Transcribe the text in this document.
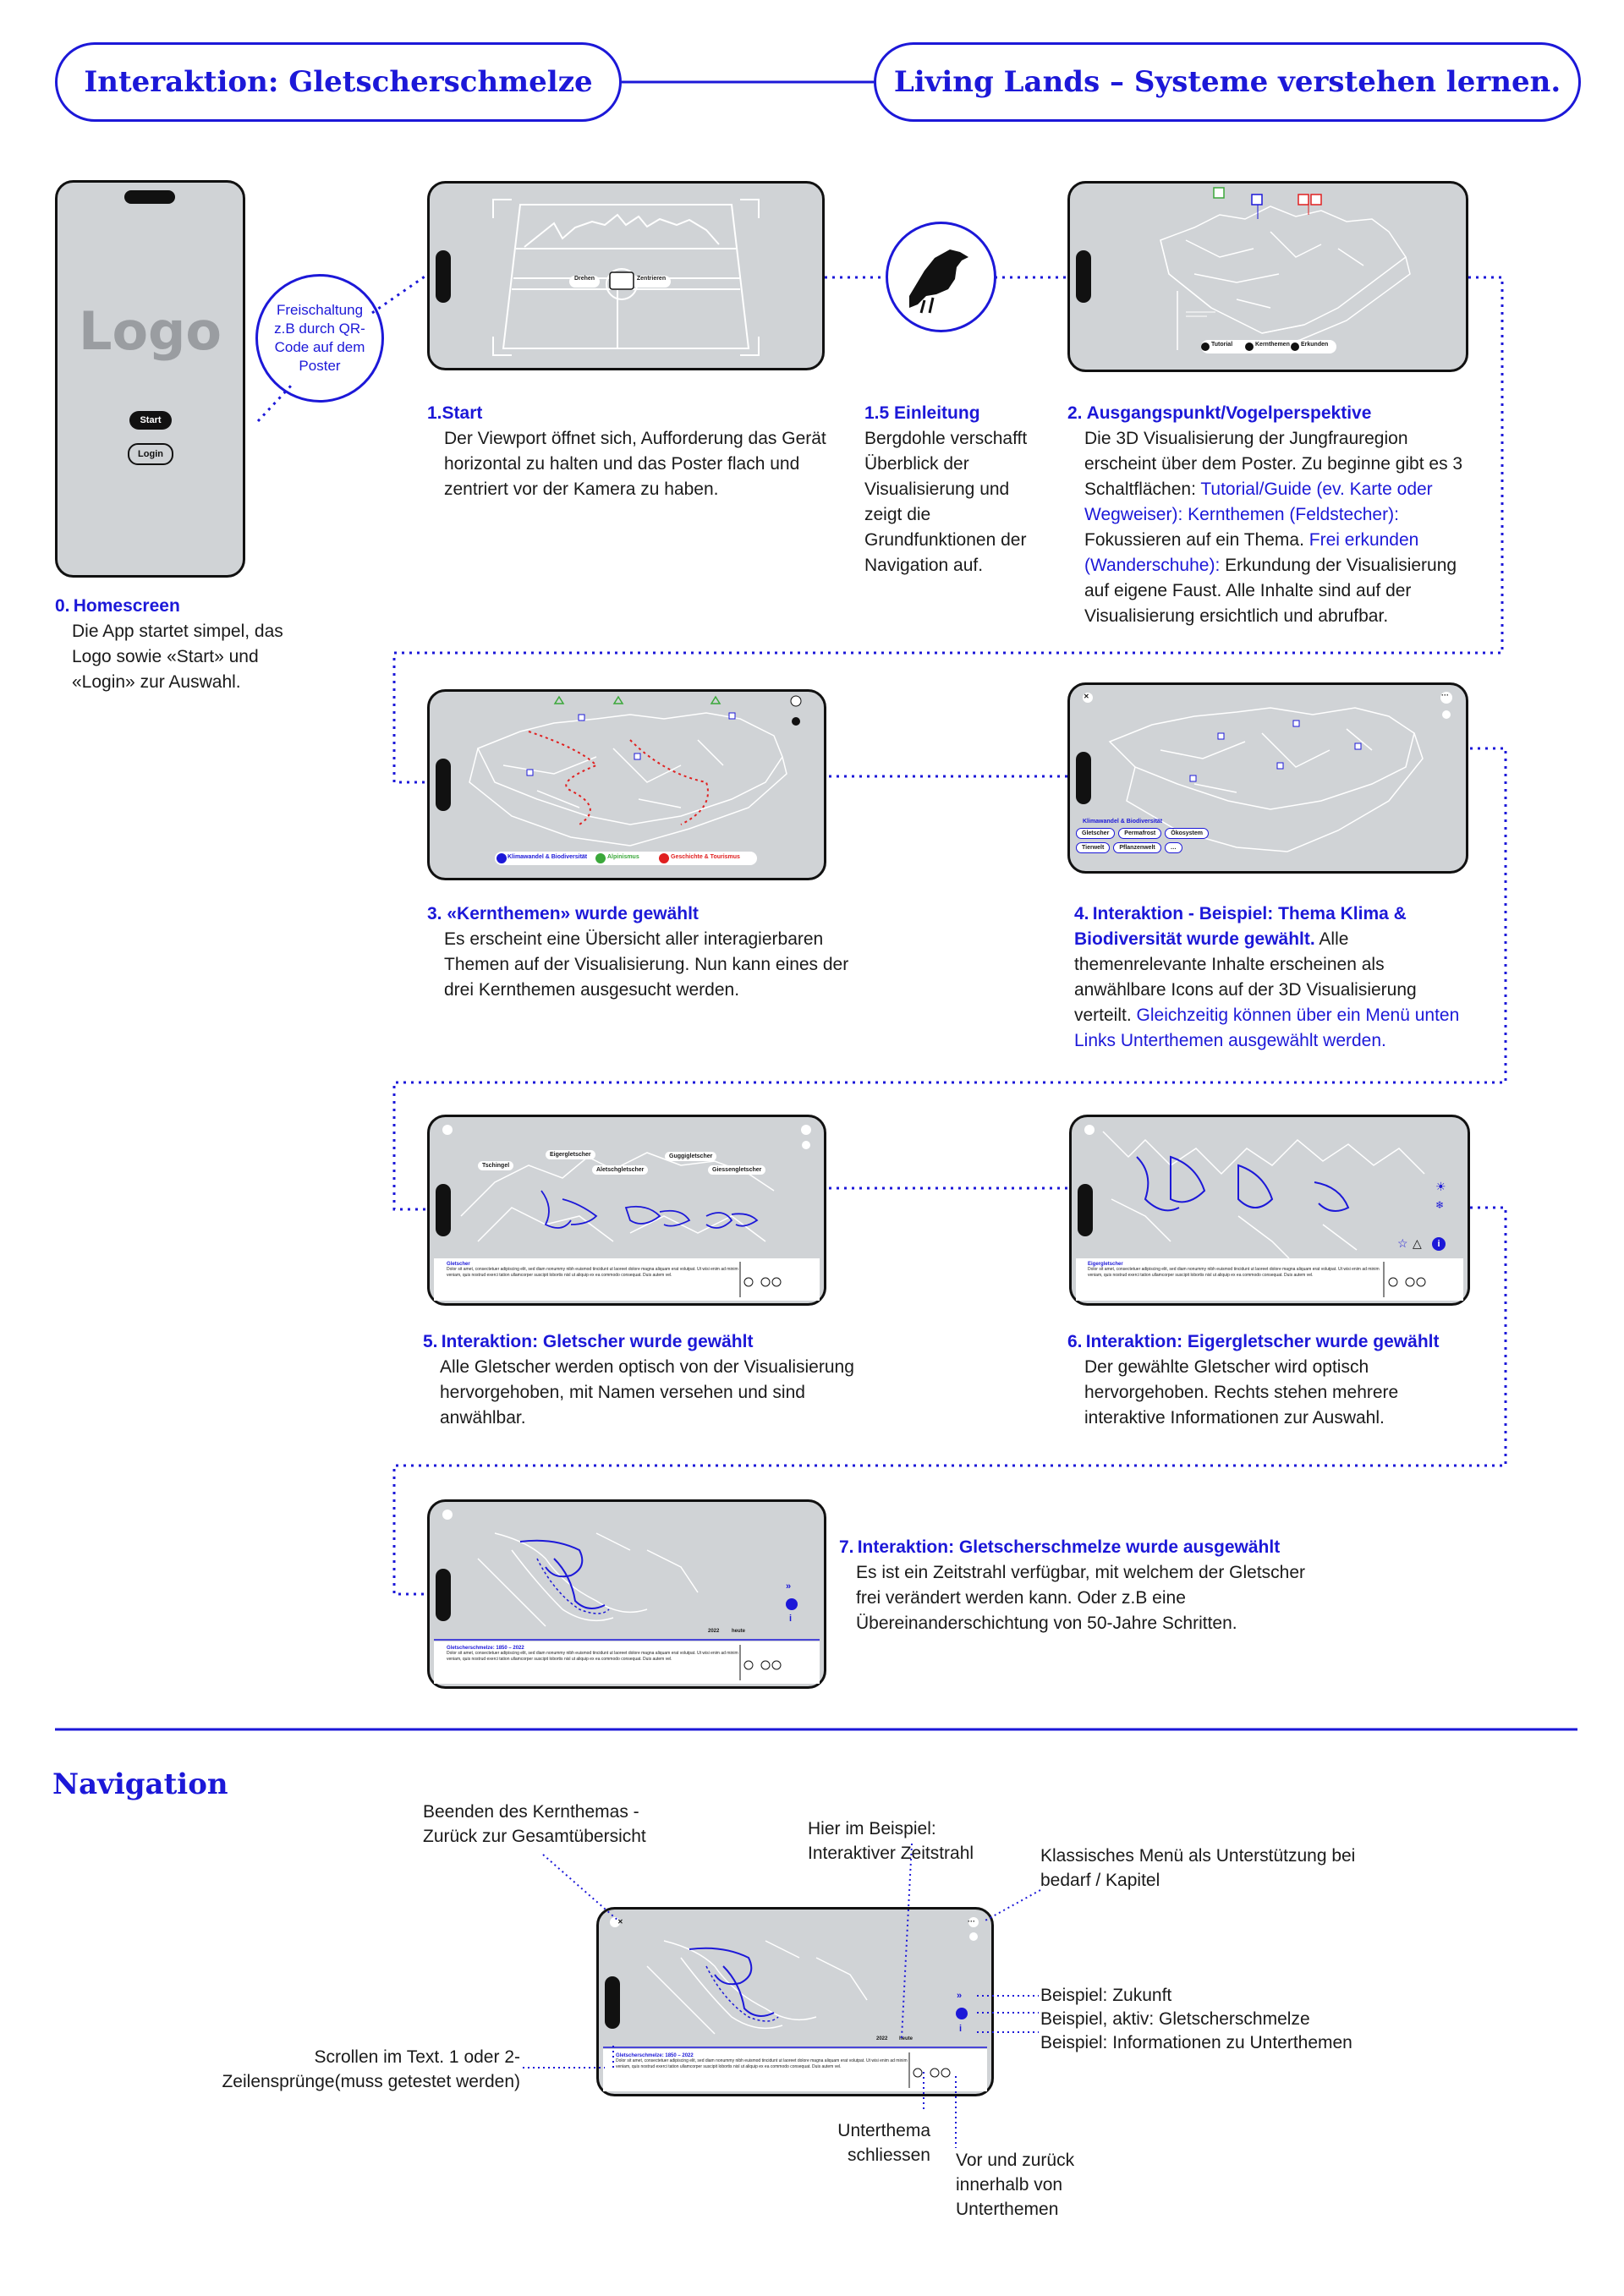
Interaktion: Gletscherschmelze	Living Lands – Systeme verstehen lernen.
Logo
Start
Login
Freischaltung z.B durch QR-Code auf dem Poster
Drehen	Zentrieren
Tutorial	Kernthemen	Erkunden
Klimawandel & Biodiversität	Alpinismus	Geschichte & Tourismus
✕	···
Klimawandel & Biodiversität
Gletscher	Permafrost	Ökosystem
Tierwelt	Pflanzenwelt	…
Tschingel
Eigergletscher
Aletschgletscher
Guggigletscher
Giessengletscher
Gletscher
Dolor sit amet, consectetuer adipiscing elit, sed diam nonummy nibh euismod tincidunt ut laoreet dolore magna aliquam erat volutpat. Ut wisi enim ad minim veniam, quis nostrud exerci tation ullamcorper suscipit lobortis nisl ut aliquip ex ea commodo consequat. Duis autem vel.
☀
❄
☆ △	i
Eigergletscher
Dolor sit amet, consectetuer adipiscing elit, sed diam nonummy nibh euismod tincidunt ut laoreet dolore magna aliquam erat volutpat. Ut wisi enim ad minim veniam, quis nostrud exerci tation ullamcorper suscipit lobortis nisl ut aliquip ex ea commodo consequat. Duis autem vel.
2022 heute
»
i
Gletscherschmelze: 1850 – 2022
Dolor sit amet, consectetuer adipiscing elit, sed diam nonummy nibh euismod tincidunt ut laoreet dolore magna aliquam erat volutpat. Ut wisi enim ad minim veniam, quis nostrud exerci tation ullamcorper suscipit lobortis nisl ut aliquip ex ea commodo consequat. Duis autem vel.
0. Homescreen
Die App startet simpel, das Logo sowie «Start» und «Login» zur Auswahl.
1.Start
Der Viewport öffnet sich, Aufforderung das Gerät horizontal zu halten und das Poster flach und zentriert vor der Kamera zu haben.
1.5 Einleitung
Bergdohle verschafft Überblick der Visualisierung und zeigt die Grundfunktionen der Navigation auf.
2. Ausgangspunkt/Vogelperspektive
Die 3D Visualisierung der Jungfrauregion erscheint über dem Poster. Zu beginne gibt es 3 Schaltflächen: Tutorial/Guide (ev. Karte oder Wegweiser): Kernthemen (Feldstecher): Fokussieren auf ein Thema. Frei erkunden (Wanderschuhe): Erkundung der Visualisierung auf eigene Faust. Alle Inhalte sind auf der Visualisierung ersichtlich und abrufbar.
3. «Kernthemen» wurde gewählt
Es erscheint eine Übersicht aller interagierbaren Themen auf der Visualisierung. Nun kann eines der drei Kernthemen ausgesucht werden.
4. Interaktion - Beispiel: Thema Klima & Biodiversität wurde gewählt. Alle themenrelevante Inhalte erscheinen als anwählbare Icons auf der 3D Visualisierung verteilt. Gleichzeitig können über ein Menü unten Links Unterthemen ausgewählt werden.
5. Interaktion: Gletscher wurde gewählt
Alle Gletscher werden optisch von der Visualisierung hervorgehoben, mit Namen versehen und sind anwählbar.
6. Interaktion: Eigergletscher wurde gewählt
Der gewählte Gletscher wird optisch hervorgehoben. Rechts stehen mehrere interaktive Informationen zur Auswahl.
7. Interaktion: Gletscherschmelze wurde ausgewählt
Es ist ein Zeitstrahl verfügbar, mit welchem der Gletscher frei verändert werden kann. Oder z.B eine Übereinanderschichtung von 50-Jahre Schritten.
Navigation
✕	···
»
i
2022 heute
Gletscherschmelze: 1850 – 2022
Dolor sit amet, consectetuer adipiscing elit, sed diam nonummy nibh euismod tincidunt ut laoreet dolore magna aliquam erat volutpat. Ut wisi enim ad minim veniam, quis nostrud exerci tation ullamcorper suscipit lobortis nisl ut aliquip ex ea commodo consequat. Duis autem vel.
Beenden des Kernthemas - Zurück zur Gesamtübersicht	Hier im Beispiel: Interaktiver Zeitstrahl	Klassisches Menü als Unterstützung bei bedarf / Kapitel
Beispiel: Zukunft
Beispiel, aktiv: Gletscherschmelze
Beispiel: Informationen zu Unterthemen
Scrollen im Text. 1 oder 2-Zeilensprünge(muss getestet werden)
Unterthema schliessen Vor und zurück innerhalb von Unterthemen
